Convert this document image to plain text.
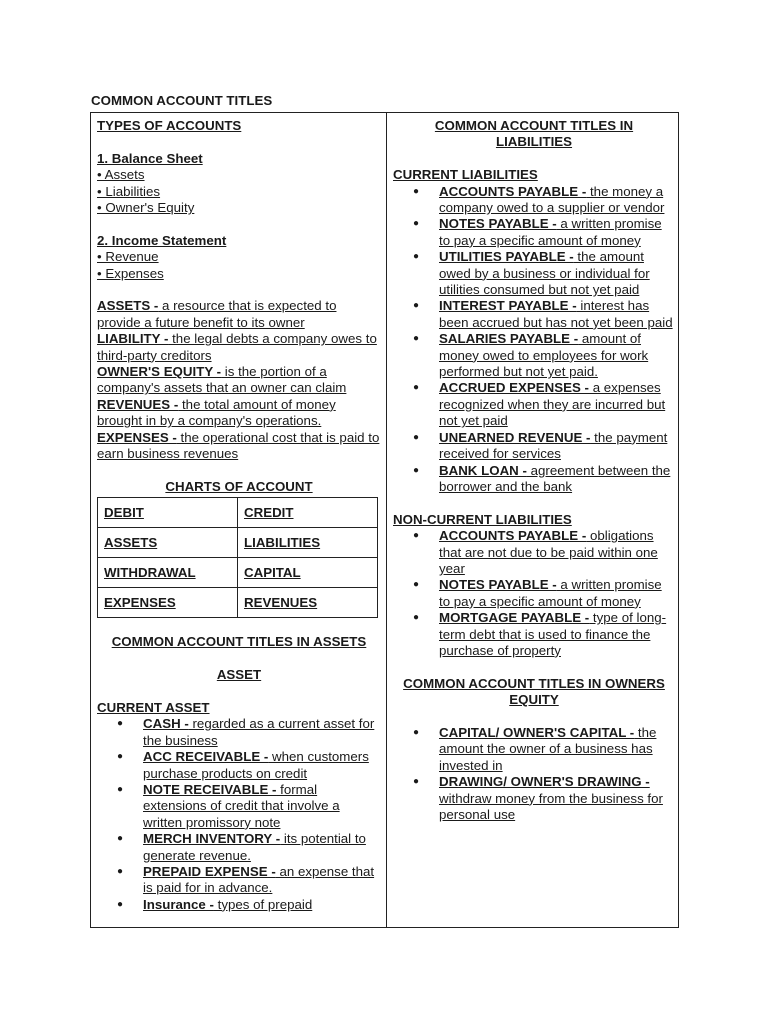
COMMON ACCOUNT TITLES

TYPES OF ACCOUNTS

1. Balance Sheet

• Assets

• Liabilities

• Owner's Equity

2. Income Statement

• Revenue

• Expenses

ASSETS - a resource that is expected to provide a future benefit to its owner

LIABILITY - the legal debts a company owes to third-party creditors

OWNER'S EQUITY - is the portion of a company's assets that an owner can claim

REVENUES - the total amount of money brought in by a company's operations.

EXPENSES - the operational cost that is paid to earn business revenues

CHARTS OF ACCOUNT

DEBIT	CREDIT
ASSETS	LIABILITIES
WITHDRAWAL	CAPITAL
EXPENSES	REVENUES

COMMON ACCOUNT TITLES IN ASSETS

ASSET

CURRENT ASSET

● CASH - regarded as a current asset for the business
● ACC RECEIVABLE - when customers purchase products on credit
● NOTE RECEIVABLE - formal extensions of credit that involve a written promissory note
● MERCH INVENTORY - its potential to generate revenue.
● PREPAID EXPENSE - an expense that is paid for in advance.
● Insurance - types of prepaid

COMMON ACCOUNT TITLES IN LIABILITIES

CURRENT LIABILITIES

● ACCOUNTS PAYABLE - the money a company owed to a supplier or vendor
● NOTES PAYABLE - a written promise to pay a specific amount of money
● UTILITIES PAYABLE - the amount owed by a business or individual for utilities consumed but not yet paid
● INTEREST PAYABLE - interest has been accrued but has not yet been paid
● SALARIES PAYABLE - amount of money owed to employees for work performed but not yet paid.
● ACCRUED EXPENSES - a expenses recognized when they are incurred but not yet paid
● UNEARNED REVENUE - the payment received for services
● BANK LOAN - agreement between the borrower and the bank

NON-CURRENT LIABILITIES

● ACCOUNTS PAYABLE - obligations that are not due to be paid within one year
● NOTES PAYABLE - a written promise to pay a specific amount of money
● MORTGAGE PAYABLE - type of long-term debt that is used to finance the purchase of property

COMMON ACCOUNT TITLES IN OWNERS EQUITY

● CAPITAL/ OWNER'S CAPITAL - the amount the owner of a business has invested in
● DRAWING/ OWNER'S DRAWING - withdraw money from the business for personal use
